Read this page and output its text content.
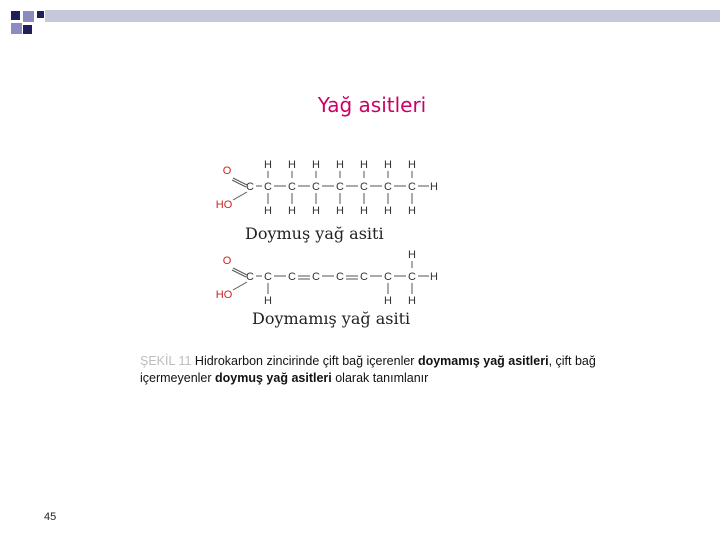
Yağ asitleri
O
HO
C C
H
H
C
H
H
C
H
H
C
H
H
C
H
H
C
H
H
C
H
H
H
O
HO
C C
H
C C C C C
H
C
H
H
H
Doymuş yağ asiti
Doymamış yağ asiti
ŞEKİL 11 Hidrokarbon zincirinde çift bağ içerenler doymamış yağ asitleri, çift bağ içermeyenler doymuş yağ asitleri olarak tanımlanır
45
